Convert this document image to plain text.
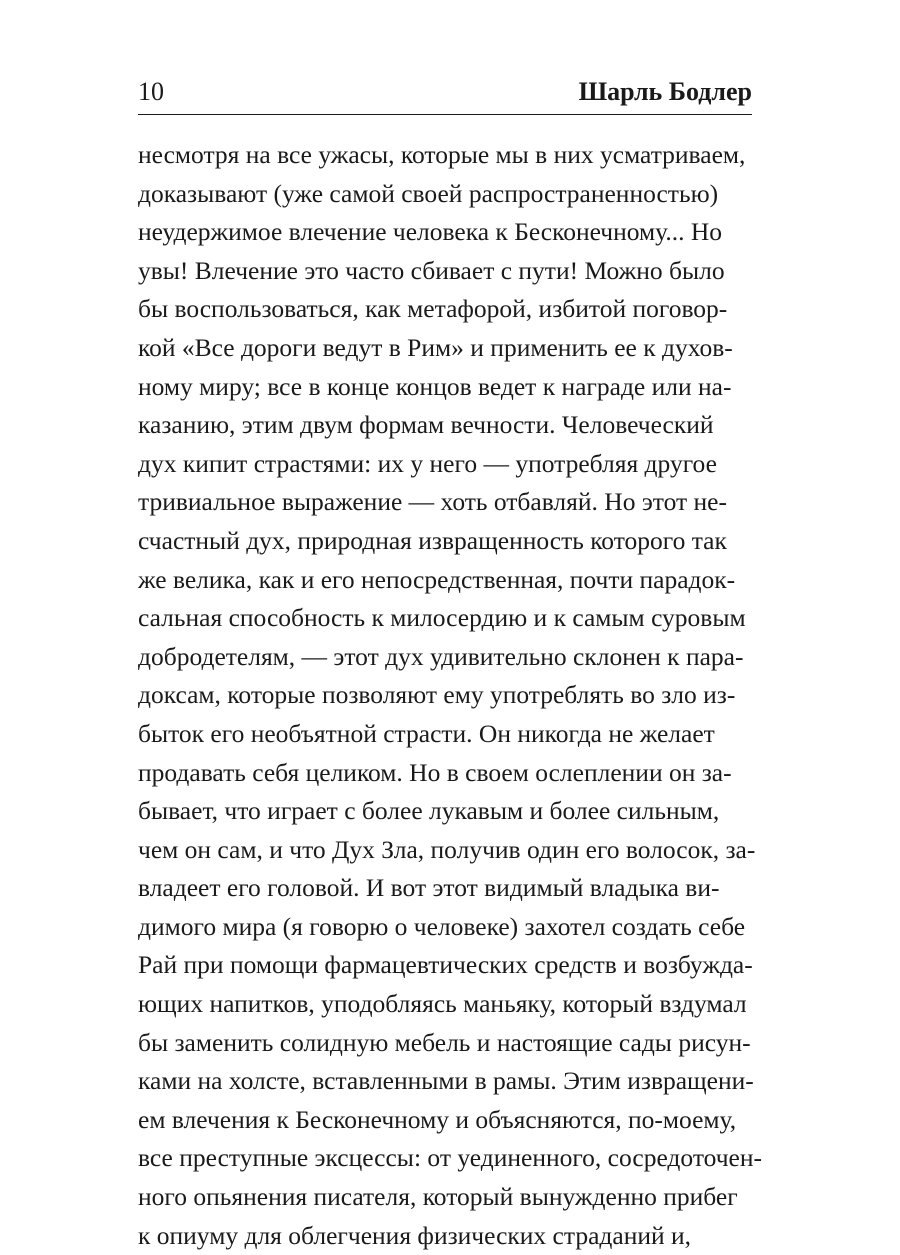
10	Шарль Бодлер
несмотря на все ужасы, которые мы в них усматриваем,
доказывают (уже самой своей распространенностью)
неудержимое влечение человека к Бесконечному... Но
увы! Влечение это часто сбивает с пути! Можно было
бы воспользоваться, как метафорой, избитой поговор-
кой «Все дороги ведут в Рим» и применить ее к духов-
ному миру; все в конце концов ведет к награде или на-
казанию, этим двум формам вечности. Человеческий
дух кипит страстями: их у него — употребляя другое
тривиальное выражение — хоть отбавляй. Но этот не-
счастный дух, природная извращенность которого так
же велика, как и его непосредственная, почти парадок-
сальная способность к милосердию и к самым суровым
добродетелям, — этот дух удивительно склонен к пара-
доксам, которые позволяют ему употреблять во зло из-
быток его необъятной страсти. Он никогда не желает
продавать себя целиком. Но в своем ослеплении он за-
бывает, что играет с более лукавым и более сильным,
чем он сам, и что Дух Зла, получив один его волосок, за-
владеет его головой. И вот этот видимый владыка ви-
димого мира (я говорю о человеке) захотел создать себе
Рай при помощи фармацевтических средств и возбужда-
ющих напитков, уподобляясь маньяку, который вздумал
бы заменить солидную мебель и настоящие сады рисун-
ками на холсте, вставленными в рамы. Этим извращени-
ем влечения к Бесконечному и объясняются, по-моему,
все преступные эксцессы: от уединенного, сосредоточен-
ного опьянения писателя, который вынужденно прибег
к опиуму для облегчения физических страданий и,
